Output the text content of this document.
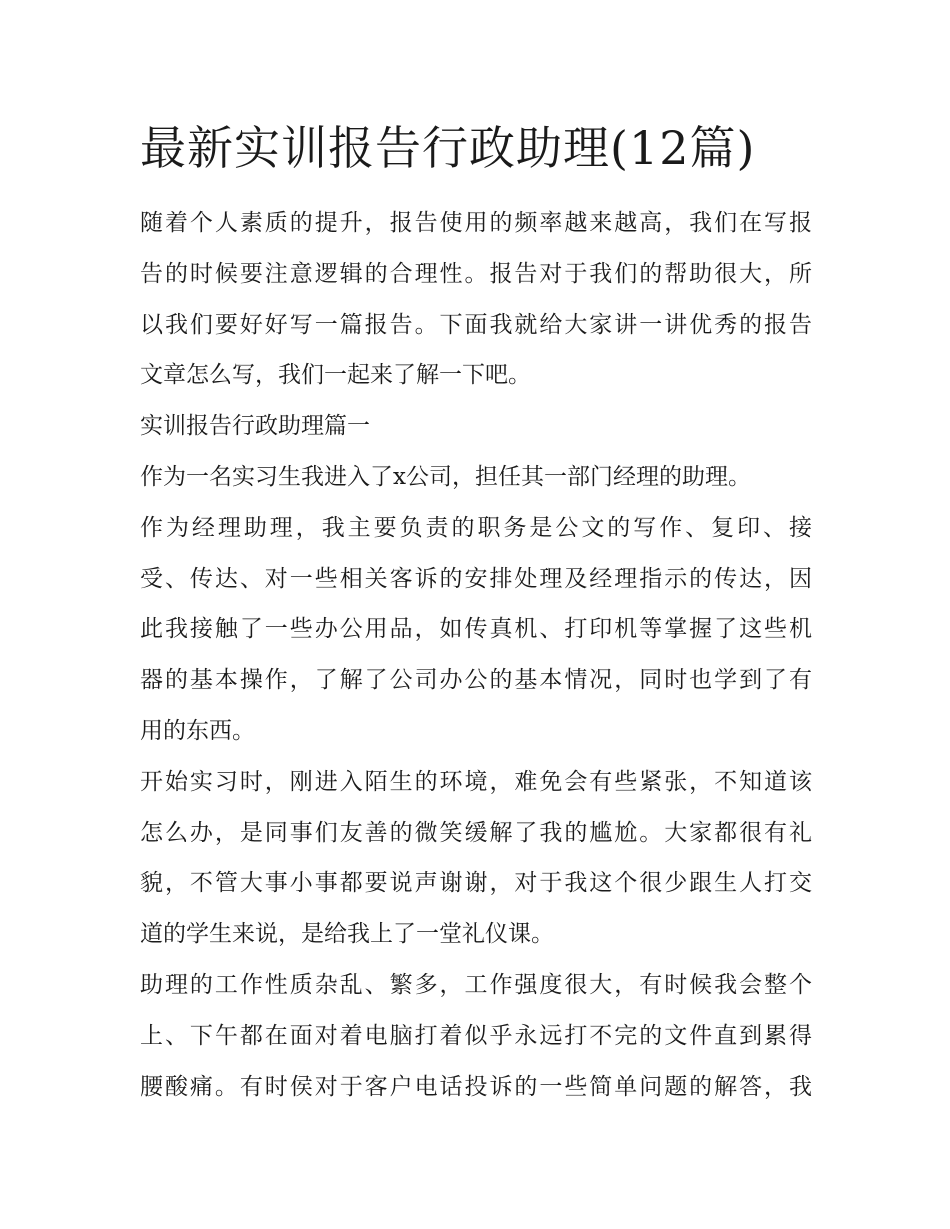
最新实训报告行政助理(12篇)

随着个人素质的提升，报告使用的频率越来越高，我们在写报
告的时候要注意逻辑的合理性。报告对于我们的帮助很大，所
以我们要好好写一篇报告。下面我就给大家讲一讲优秀的报告
文章怎么写，我们一起来了解一下吧。

实训报告行政助理篇一

作为一名实习生我进入了x公司，担任其一部门经理的助理。

作为经理助理，我主要负责的职务是公文的写作、复印、接
受、传达、对一些相关客诉的安排处理及经理指示的传达，因
此我接触了一些办公用品，如传真机、打印机等掌握了这些机
器的基本操作，了解了公司办公的基本情况，同时也学到了有
用的东西。

开始实习时，刚进入陌生的环境，难免会有些紧张，不知道该
怎么办，是同事们友善的微笑缓解了我的尴尬。大家都很有礼
貌，不管大事小事都要说声谢谢，对于我这个很少跟生人打交
道的学生来说，是给我上了一堂礼仪课。

助理的工作性质杂乱、繁多，工作强度很大，有时候我会整个
上、下午都在面对着电脑打着似乎永远打不完的文件直到累得
腰酸痛。有时侯对于客户电话投诉的一些简单问题的解答，我
